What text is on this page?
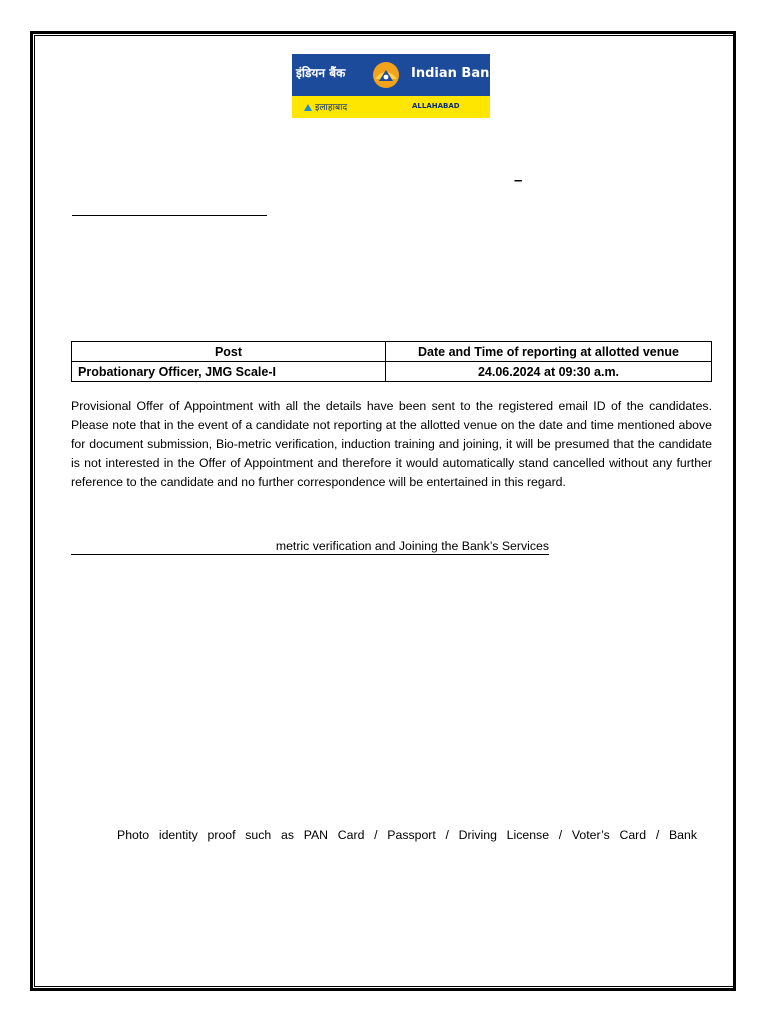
इंडियन बैंक	Indian Bank
इलाहाबाद	ALLAHABAD
–
Post	Date and Time of reporting at allotted venue
Probationary Officer, JMG Scale-I	24.06.2024 at 09:30 a.m.

Provisional Offer of Appointment with all the details have been sent to the registered email ID of the candidates. Please note that in the event of a candidate not reporting at the allotted venue on the date and time mentioned above for document submission, Bio-metric verification, induction training and joining, it will be presumed that the candidate is not interested in the Offer of Appointment and therefore it would automatically stand cancelled without any further reference to the candidate and no further correspondence will be entertained in this regard.

metric verification and Joining the Bank’s Services
Photo identity proof such as PAN Card / Passport / Driving License / Voter’s Card / Bank
